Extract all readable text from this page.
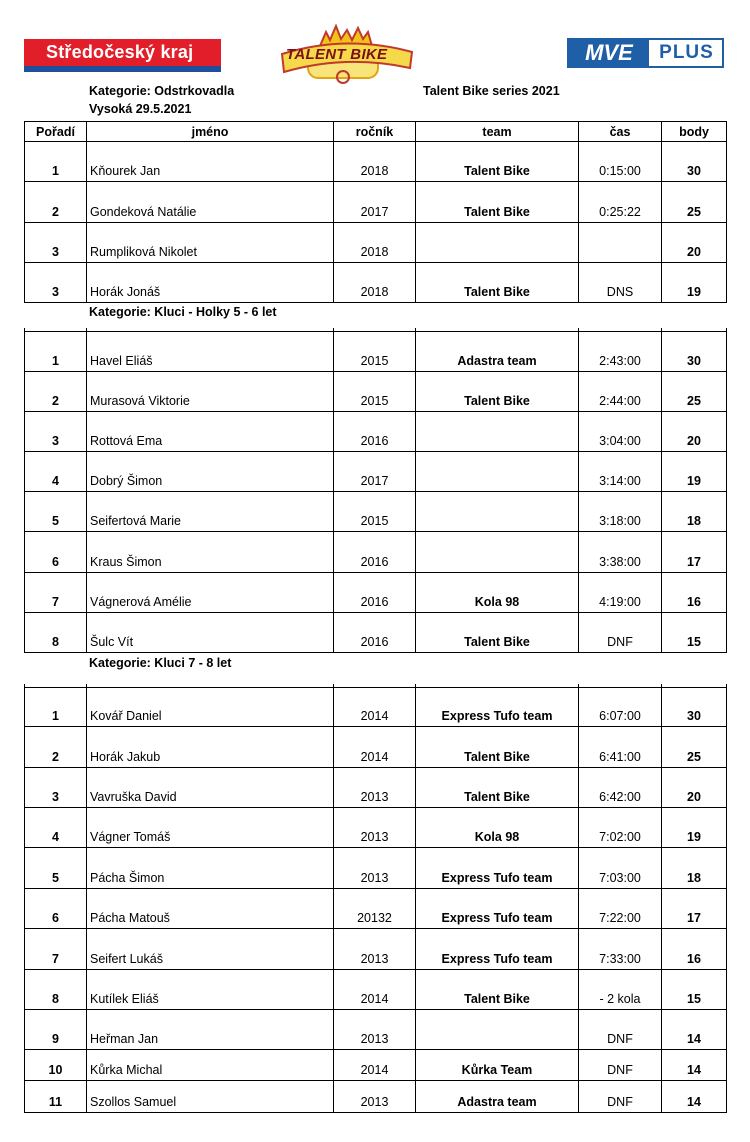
Středočeský kraj	TALENT BIKE	MVE	PLUS
Kategorie: Odstrkovadla
Vysoká 29.5.2021
Talent Bike series 2021
Pořadí	jméno	ročník	team	čas	body
1	Kňourek Jan	2018	Talent Bike	0:15:00	30
2	Gondeková Natálie	2017	Talent Bike	0:25:22	25
3	Rumpliková Nikolet	2018			20
3	Horák Jonáš	2018	Talent Bike	DNS	19
Kategorie: Kluci - Holky 5 - 6 let

1	Havel Eliáš	2015	Adastra team	2:43:00	30
2	Murasová Viktorie	2015	Talent Bike	2:44:00	25
3	Rottová Ema	2016		3:04:00	20
4	Dobrý Šimon	2017		3:14:00	19
5	Seifertová Marie	2015		3:18:00	18
6	Kraus Šimon	2016		3:38:00	17
7	Vágnerová Amélie	2016	Kola 98	4:19:00	16
8	Šulc Vít	2016	Talent Bike	DNF	15
Kategorie: Kluci 7 - 8 let

1	Kovář Daniel	2014	Express Tufo team	6:07:00	30
2	Horák Jakub	2014	Talent Bike	6:41:00	25
3	Vavruška David	2013	Talent Bike	6:42:00	20
4	Vágner Tomáš	2013	Kola 98	7:02:00	19
5	Pácha Šimon	2013	Express Tufo team	7:03:00	18
6	Pácha Matouš	20132	Express Tufo team	7:22:00	17
7	Seifert Lukáš	2013	Express Tufo team	7:33:00	16
8	Kutílek Eliáš	2014	Talent Bike	- 2 kola	15
9	Heřman Jan	2013		DNF	14
10	Kůrka Michal	2014	Kůrka Team	DNF	14
11	Szollos Samuel	2013	Adastra team	DNF	14
